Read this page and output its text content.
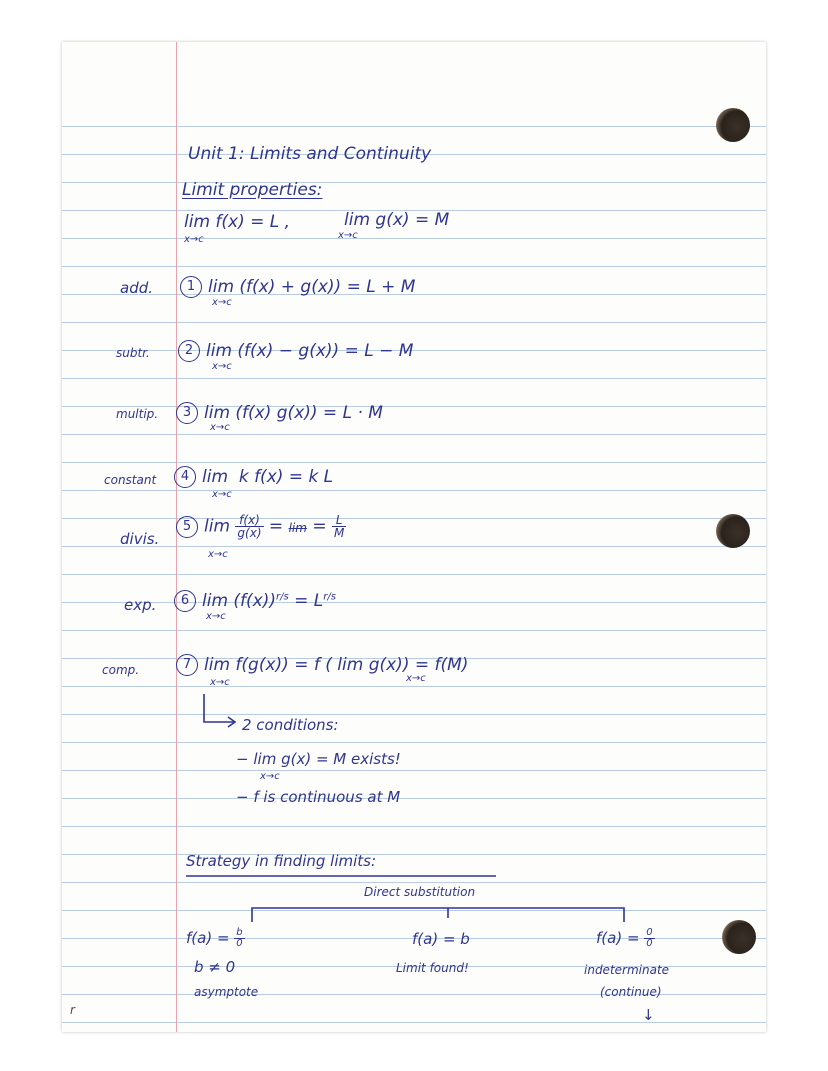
Unit 1: Limits and Continuity
Limit properties:
lim f(x) = L ,
x→c
lim g(x) = M
x→c
add.	1 lim (f(x) + g(x)) = L + M
x→c
subtr.	2 lim (f(x) − g(x)) = L − M
x→c
multip.	3 lim (f(x) g(x)) = L · M
x→c
constant	4 lim k f(x) = k L
x→c
divis.
5 $\lim \frac{f(x)}{g(x)} = \lim = \frac{L}{M}$
x→c
exp.	6 $\lim (f(x))^{r/s} = L^{r/s}$
x→c
comp.	7 lim f(g(x)) = f ( lim g(x)) = f(M)
x→c	x→c
2 conditions:
− lim g(x) = M exists!
x→c
− f is continuous at M
Strategy in finding limits:
Direct substitution
$f(a) = \frac{b}{0}$
b ≠ 0
asymptote
f(a) = b
Limit found!
$f(a) = \frac{0}{0}$
indeterminate
(continue)
↓
r
